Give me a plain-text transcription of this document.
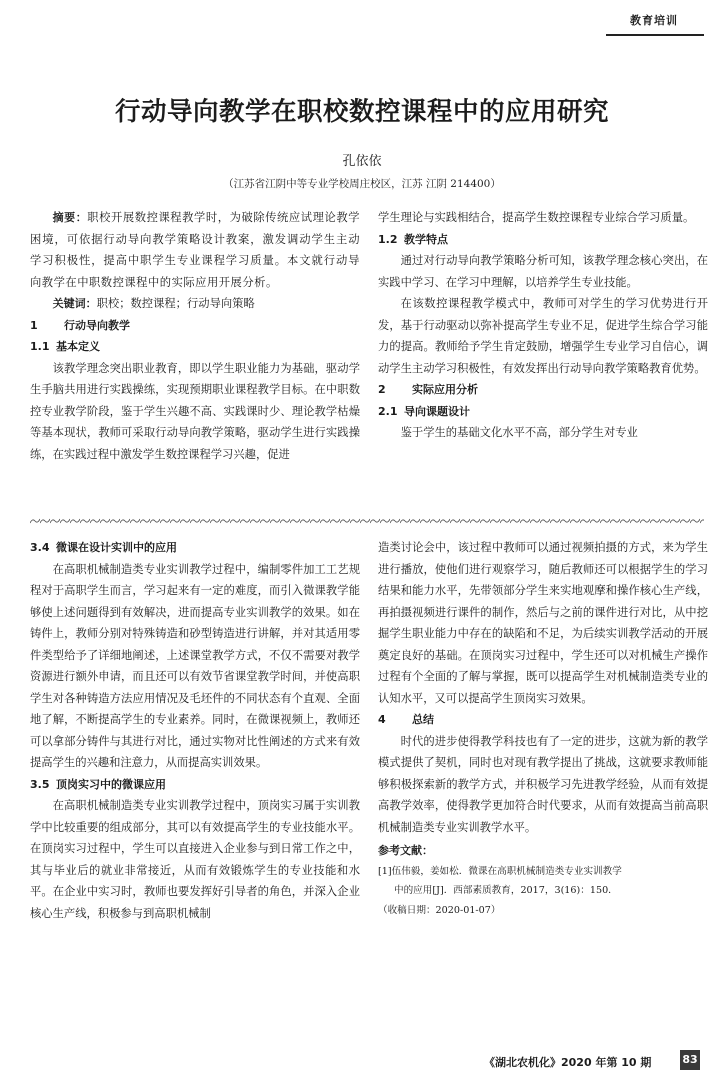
教育培训
行动导向教学在职校数控课程中的应用研究
孔依依
（江苏省江阴中等专业学校周庄校区，江苏 江阴 214400）

摘要：职校开展数控课程教学时，为破除传统应试理论教学困境，可依据行动导向教学策略设计教案，激发调动学生主动学习积极性，提高中职学生专业课程学习质量。本文就行动导向教学在中职数控课程中的实际应用开展分析。

关键词：职校；数控课程；行动导向策略

1 行动导向教学

1.1 基本定义

该教学理念突出职业教育，即以学生职业能力为基础，驱动学生手脑共用进行实践操练，实现预期职业课程教学目标。在中职数控专业教学阶段，鉴于学生兴趣不高、实践课时少、理论教学枯燥等基本现状，教师可采取行动导向教学策略，驱动学生进行实践操练，在实践过程中激发学生数控课程学习兴趣，促进

学生理论与实践相结合，提高学生数控课程专业综合学习质量。

1.2 教学特点

通过对行动导向教学策略分析可知，该教学理念核心突出，在实践中学习、在学习中理解，以培养学生专业技能。

在该数控课程教学模式中，教师可对学生的学习优势进行开发，基于行动驱动以弥补提高学生专业不足，促进学生综合学习能力的提高。教师给予学生肯定鼓励，增强学生专业学习自信心，调动学生主动学习积极性，有效发挥出行动导向教学策略教育优势。

2 实际应用分析

2.1 导向课题设计

鉴于学生的基础文化水平不高，部分学生对专业

3.4 微课在设计实训中的应用

在高职机械制造类专业实训教学过程中，编制零件加工工艺规程对于高职学生而言，学习起来有一定的难度，而引入微课教学能够使上述问题得到有效解决，进而提高专业实训教学的效果。如在铸件上，教师分别对特殊铸造和砂型铸造进行讲解，并对其适用零件类型给予了详细地阐述，上述课堂教学方式，不仅不需要对教学资源进行额外申请，而且还可以有效节省课堂教学时间，并使高职学生对各种铸造方法应用情况及毛坯件的不同状态有个直观、全面地了解，不断提高学生的专业素养。同时，在微课视频上，教师还可以拿部分铸件与其进行对比，通过实物对比性阐述的方式来有效提高学生的兴趣和注意力，从而提高实训效果。

3.5 顶岗实习中的微课应用

在高职机械制造类专业实训教学过程中，顶岗实习属于实训教学中比较重要的组成部分，其可以有效提高学生的专业技能水平。在顶岗实习过程中，学生可以直接进入企业参与到日常工作之中，其与毕业后的就业非常接近，从而有效锻炼学生的专业技能和水平。在企业中实习时，教师也要发挥好引导者的角色，并深入企业核心生产线，积极参与到高职机械制

造类讨论会中，该过程中教师可以通过视频拍摄的方式，来为学生进行播放，使他们进行观察学习，随后教师还可以根据学生的学习结果和能力水平，先带领部分学生来实地观摩和操作核心生产线，再拍摄视频进行课件的制作，然后与之前的课件进行对比，从中挖掘学生职业能力中存在的缺陷和不足，为后续实训教学活动的开展奠定良好的基础。在顶岗实习过程中，学生还可以对机械生产操作过程有个全面的了解与掌握，既可以提高学生对机械制造类专业的认知水平，又可以提高学生顶岗实习效果。

4 总结

时代的进步使得教学科技也有了一定的进步，这就为新的教学模式提供了契机，同时也对现有教学提出了挑战，这就要求教师能够积极探索新的教学方式，并积极学习先进教学经验，从而有效提高教学效率，使得教学更加符合时代要求，从而有效提高当前高职机械制造类专业实训教学水平。

参考文献：

[1]伍伟毅，姜如松．微课在高职机械制造类专业实训教学

中的应用[J]．西部素质教育，2017，3(16)：150．

（收稿日期：2020-01-07）

《湖北农机化》2020 年第 10 期	83
